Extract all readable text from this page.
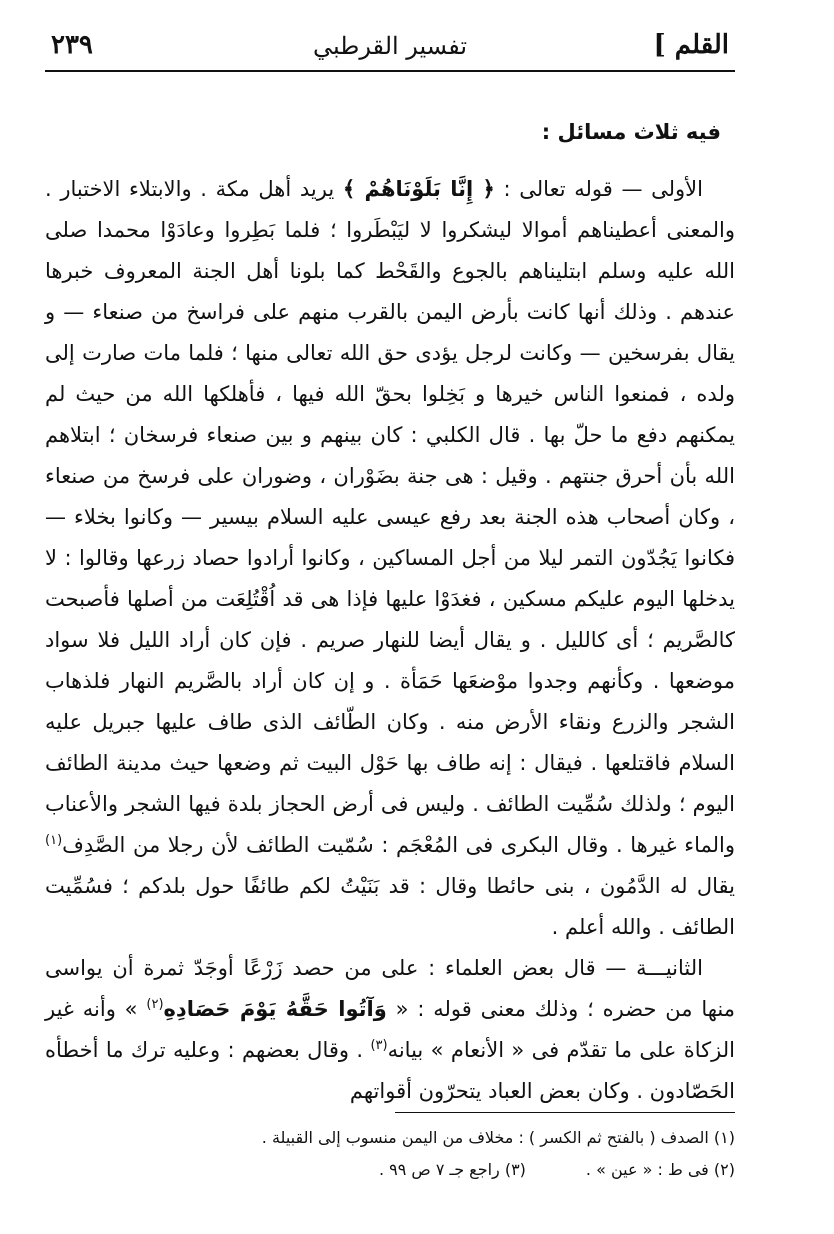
القلم ]
تفسير القرطبي
٢٣٩

فيه ثلاث مسائل :

الأولى — قوله تعالى : ﴿ إِنَّا بَلَوْنَاهُمْ ﴾ يريد أهل مكة . والابتلاء الاختبار . والمعنى أعطيناهم أموالا ليشكروا لا ليَبْطَروا ؛ فلما بَطِروا وعادَوْا محمدا صلى الله عليه وسلم ابتليناهم بالجوع والقَحْط كما بلونا أهل الجنة المعروف خبرها عندهم . وذلك أنها كانت بأرض اليمن بالقرب منهم على فراسخ من صنعاء — و يقال بفرسخين — وكانت لرجل يؤدى حق الله تعالى منها ؛ فلما مات صارت إلى ولده ، فمنعوا الناس خيرها و بَخِلوا بحقّ الله فيها ، فأهلكها الله من حيث لم يمكنهم دفع ما حلّ بها . قال الكلبي : كان بينهم و بين صنعاء فرسخان ؛ ابتلاهم الله بأن أحرق جنتهم . وقيل : هى جنة بضَوْران ، وضوران على فرسخ من صنعاء ، وكان أصحاب هذه الجنة بعد رفع عيسى عليه السلام بيسير — وكانوا بخلاء — فكانوا يَجُدّون التمر ليلا من أجل المساكين ، وكانوا أرادوا حصاد زرعها وقالوا : لا يدخلها اليوم عليكم مسكين ، فغدَوْا عليها فإذا هى قد اُقْتُلِعَت من أصلها فأصبحت كالصَّريم ؛ أى كالليل . و يقال أيضا للنهار صريم . فإن كان أراد الليل فلا سواد موضعها . وكأنهم وجدوا موْضعَها حَمَأة . و إن كان أراد بالصَّريم النهار فلذهاب الشجر والزرع ونقاء الأرض منه . وكان الطّائف الذى طاف عليها جبريل عليه السلام فاقتلعها . فيقال : إنه طاف بها حَوْل البيت ثم وضعها حيث مدينة الطائف اليوم ؛ ولذلك سُمِّيت الطائف . وليس فى أرض الحجاز بلدة فيها الشجر والأعناب والماء غيرها . وقال البكرى فى المُعْجَم : سُمّيت الطائف لأن رجلا من الصَّدِف$^{(١)}$ يقال له الدَّمُون ، بنى حائطا وقال : قد بَنَيْتُ لكم طائفًا حول بلدكم ؛ فسُمِّيت الطائف . والله أعلم .

الثانيـــة — قال بعض العلماء : على من حصد زَرْعًا أوجَدّ ثمرة أن يواسى منها من حضره ؛ وذلك معنى قوله : « وَآتُوا حَقَّهُ يَوْمَ حَصَادِهِ$^{(٢)}$ » وأنه غير الزكاة على ما تقدّم فى « الأنعام » بيانه$^{(٣)}$ . وقال بعضهم : وعليه ترك ما أخطأه الحَصّادون . وكان بعض العباد يتحرّون أقواتهم

(١) الصدف ( بالفتح ثم الكسر ) : مخلاف من اليمن منسوب إلى القبيلة .
(٢) فى ط : « عين » .(٣) راجع جـ ٧ ص ٩٩ .
